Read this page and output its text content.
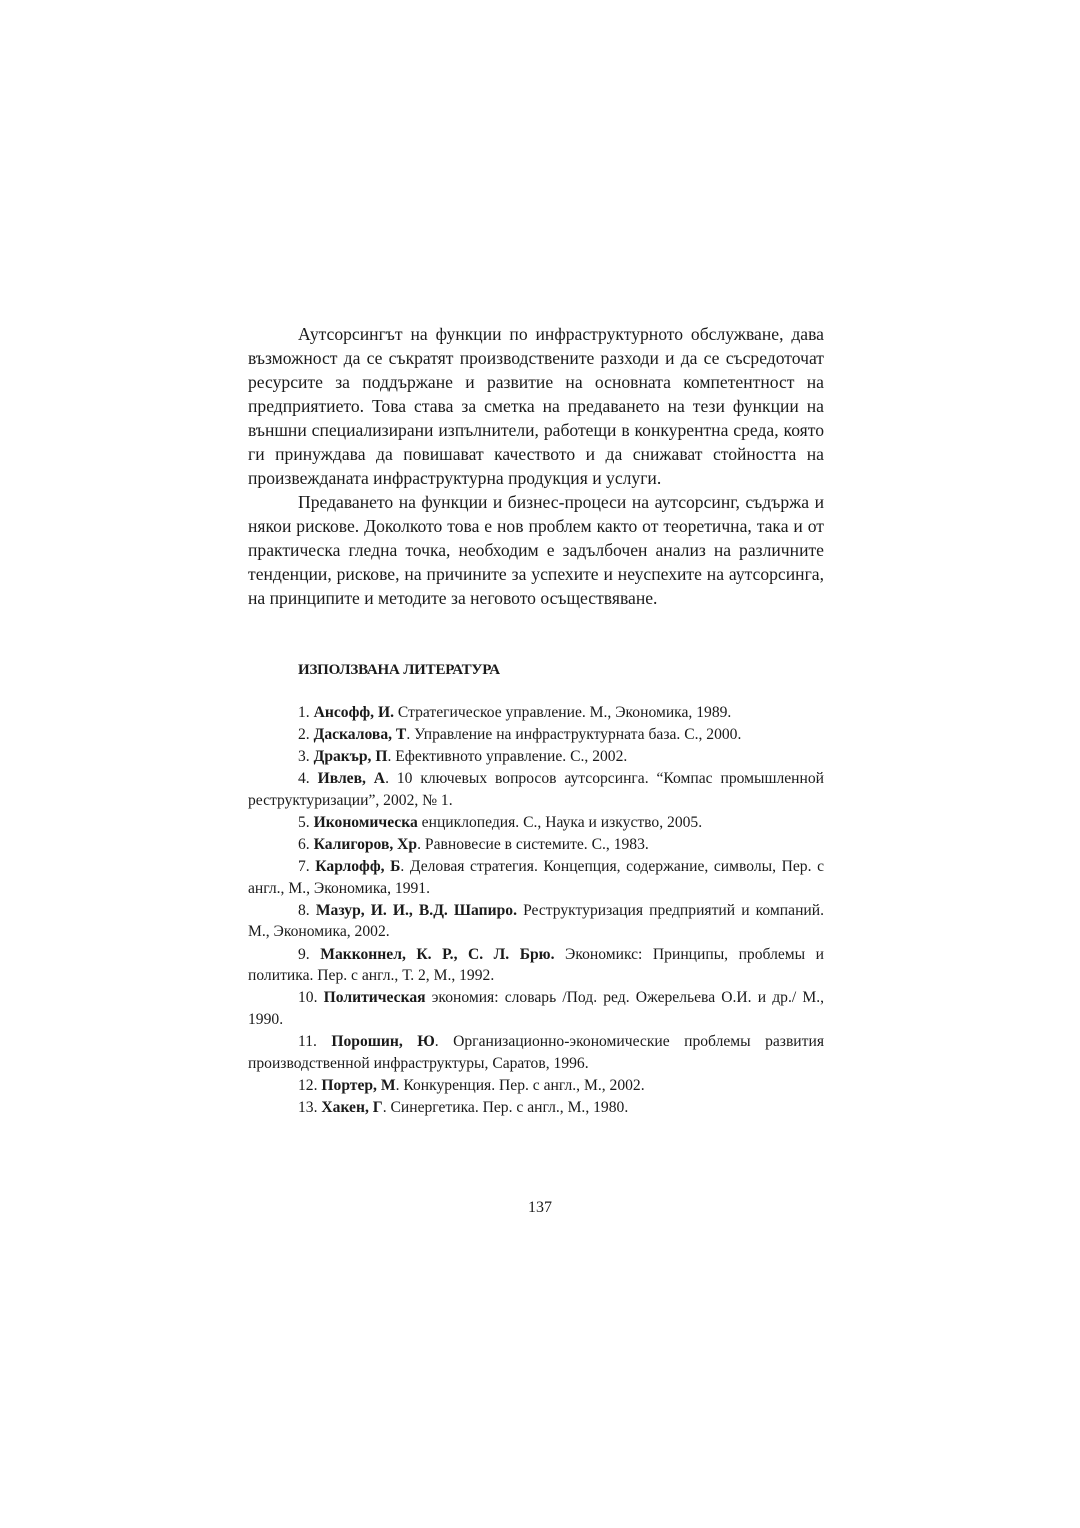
Аутсорсингът на функции по инфраструктурното обслужване, дава възможност да се съкратят производствените разходи и да се съсредоточат ресурсите за поддържане и развитие на основната компетентност на предприятието. Това става за сметка на предаването на тези функции на външни специализирани изпълнители, работещи в конкурентна среда, която ги принуждава да повишават качеството и да снижават стойността на произвежданата инфраструктурна продукция и услуги.

Предаването на функции и бизнес-процеси на аутсорсинг, съдържа и някои рискове. Доколкото това е нов проблем както от теоретична, така и от практическа гледна точка, необходим е задълбочен анализ на различните тенденции, рискове, на причините за успехите и неуспехите на аутсорсинга, на принципите и методите за неговото осъществяване.

ИЗПОЛЗВАНА ЛИТЕРАТУРА
1. Ансофф, И. Стратегическое управление. М., Экономика, 1989.
2. Даскалова, Т. Управление на инфраструктурната база. С., 2000.
3. Дракър, П. Ефективното управление. С., 2002.
4. Ивлев, А. 10 ключевых вопросов аутсорсинга. “Компас промышленной реструктуризации”, 2002, № 1.
5. Икономическа енциклопедия. С., Наука и изкуство, 2005.
6. Калигоров, Хр. Равновесие в системите. С., 1983.
7. Карлофф, Б. Деловая стратегия. Концепция, содержание, символы, Пер. с англ., М., Экономика, 1991.
8. Мазур, И. И., В.Д. Шапиро. Реструктуризация предприятий и компаний. М., Экономика, 2002.
9. Макконнел, К. Р., С. Л. Брю. Экономикс: Принципы, проблемы и политика. Пер. с англ., Т. 2, М., 1992.
10. Политическая экономия: словарь /Под. ред. Ожерельева О.И. и др./ М., 1990.
11. Порошин, Ю. Организационно-экономические проблемы развития производственной инфраструктуры, Саратов, 1996.
12. Портер, М. Конкуренция. Пер. с англ., М., 2002.
13. Хакен, Г. Синергетика. Пер. с англ., М., 1980.
137
